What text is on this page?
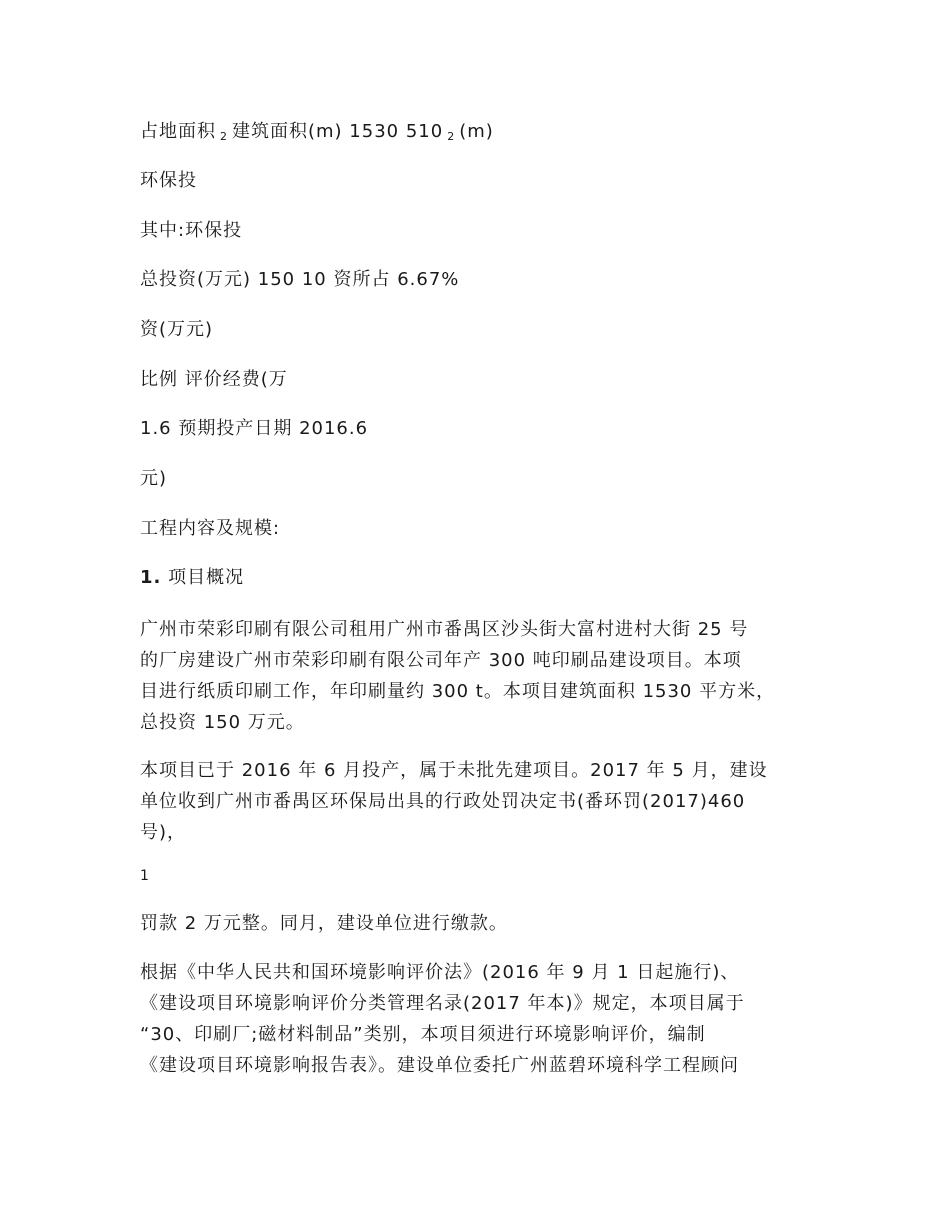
占地面积 $_2$ 建筑面积(m) 1530 510 $_2$ (m)
环保投
其中:环保投
总投资(万元) 150 10 资所占 6.67%
资(万元)
比例 评价经费(万
1.6 预期投产日期 2016.6
元)
工程内容及规模:
1. 项目概况
广州市荣彩印刷有限公司租用广州市番禺区沙头街大富村进村大街 25 号
的厂房建设广州市荣彩印刷有限公司年产 300 吨印刷品建设项目。本项
目进行纸质印刷工作，年印刷量约 300 t。本项目建筑面积 1530 平方米，
总投资 150 万元。
本项目已于 2016 年 6 月投产，属于未批先建项目。2017 年 5 月，建设
单位收到广州市番禺区环保局出具的行政处罚决定书(番环罚(2017)460
号)，
1
罚款 2 万元整。同月，建设单位进行缴款。
根据《中华人民共和国环境影响评价法》(2016 年 9 月 1 日起施行)、
《建设项目环境影响评价分类管理名录(2017 年本)》规定，本项目属于
“30、印刷厂;磁材料制品”类别，本项目须进行环境影响评价，编制
《建设项目环境影响报告表》。建设单位委托广州蓝碧环境科学工程顾问
